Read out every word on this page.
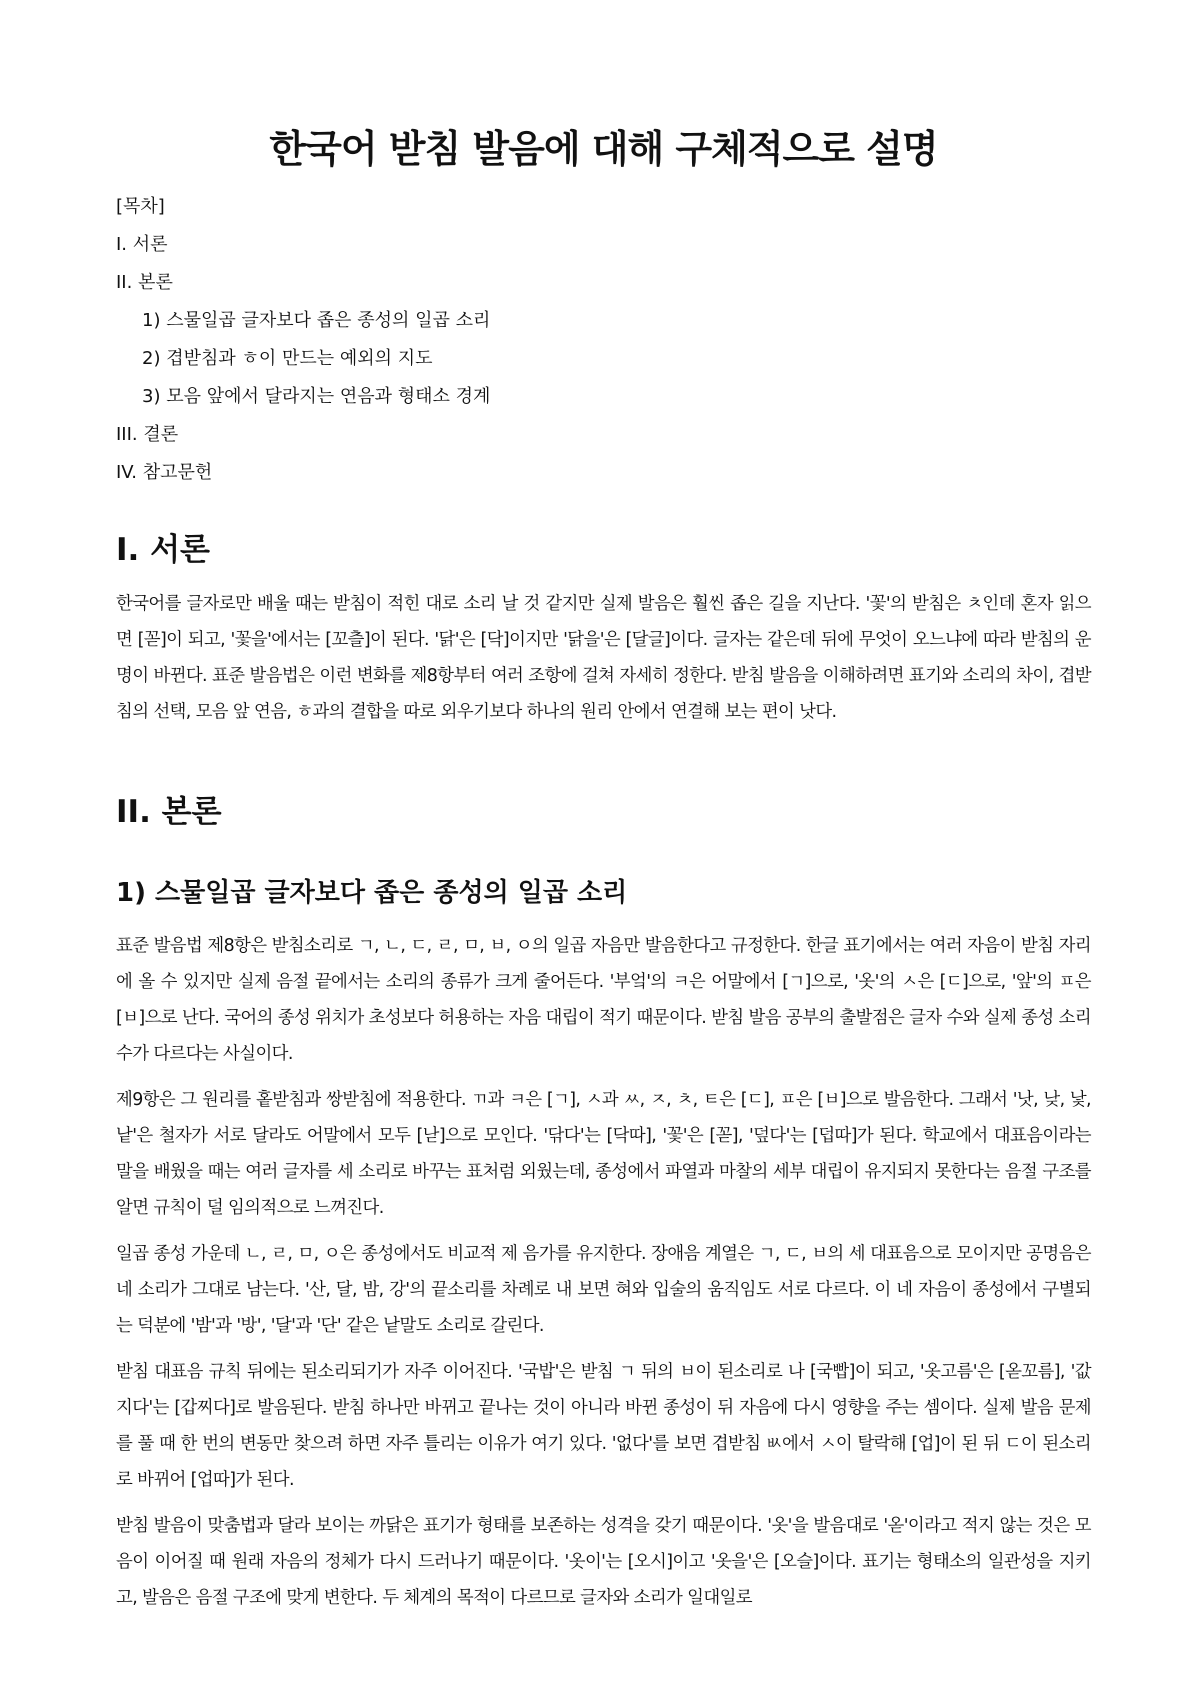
한국어 받침 발음에 대해 구체적으로 설명
[목차]
I. 서론
II. 본론
1) 스물일곱 글자보다 좁은 종성의 일곱 소리
2) 겹받침과 ㅎ이 만드는 예외의 지도
3) 모음 앞에서 달라지는 연음과 형태소 경계
III. 결론
IV. 참고문헌
I. 서론

한국어를 글자로만 배울 때는 받침이 적힌 대로 소리 날 것 같지만 실제 발음은 훨씬 좁은 길을 지난다. '꽃'의 받침은 ㅊ인데 혼자 읽으면 [꼳]이 되고, '꽃을'에서는 [꼬츨]이 된다. '닭'은 [닥]이지만 '닭을'은 [달글]이다. 글자는 같은데 뒤에 무엇이 오느냐에 따라 받침의 운명이 바뀐다. 표준 발음법은 이런 변화를 제8항부터 여러 조항에 걸쳐 자세히 정한다. 받침 발음을 이해하려면 표기와 소리의 차이, 겹받침의 선택, 모음 앞 연음, ㅎ과의 결합을 따로 외우기보다 하나의 원리 안에서 연결해 보는 편이 낫다.

II. 본론
1) 스물일곱 글자보다 좁은 종성의 일곱 소리

표준 발음법 제8항은 받침소리로 ㄱ, ㄴ, ㄷ, ㄹ, ㅁ, ㅂ, ㅇ의 일곱 자음만 발음한다고 규정한다. 한글 표기에서는 여러 자음이 받침 자리에 올 수 있지만 실제 음절 끝에서는 소리의 종류가 크게 줄어든다. '부엌'의 ㅋ은 어말에서 [ㄱ]으로, '옷'의 ㅅ은 [ㄷ]으로, '앞'의 ㅍ은 [ㅂ]으로 난다. 국어의 종성 위치가 초성보다 허용하는 자음 대립이 적기 때문이다. 받침 발음 공부의 출발점은 글자 수와 실제 종성 소리 수가 다르다는 사실이다.

제9항은 그 원리를 홑받침과 쌍받침에 적용한다. ㄲ과 ㅋ은 [ㄱ], ㅅ과 ㅆ, ㅈ, ㅊ, ㅌ은 [ㄷ], ㅍ은 [ㅂ]으로 발음한다. 그래서 '낫, 낮, 낯, 낱'은 철자가 서로 달라도 어말에서 모두 [낟]으로 모인다. '닦다'는 [닥따], '꽃'은 [꼳], '덮다'는 [덥따]가 된다. 학교에서 대표음이라는 말을 배웠을 때는 여러 글자를 세 소리로 바꾸는 표처럼 외웠는데, 종성에서 파열과 마찰의 세부 대립이 유지되지 못한다는 음절 구조를 알면 규칙이 덜 임의적으로 느껴진다.

일곱 종성 가운데 ㄴ, ㄹ, ㅁ, ㅇ은 종성에서도 비교적 제 음가를 유지한다. 장애음 계열은 ㄱ, ㄷ, ㅂ의 세 대표음으로 모이지만 공명음은 네 소리가 그대로 남는다. '산, 달, 밤, 강'의 끝소리를 차례로 내 보면 혀와 입술의 움직임도 서로 다르다. 이 네 자음이 종성에서 구별되는 덕분에 '밤'과 '방', '달'과 '단' 같은 낱말도 소리로 갈린다.

받침 대표음 규칙 뒤에는 된소리되기가 자주 이어진다. '국밥'은 받침 ㄱ 뒤의 ㅂ이 된소리로 나 [국빱]이 되고, '옷고름'은 [옫꼬름], '값지다'는 [갑찌다]로 발음된다. 받침 하나만 바뀌고 끝나는 것이 아니라 바뀐 종성이 뒤 자음에 다시 영향을 주는 셈이다. 실제 발음 문제를 풀 때 한 번의 변동만 찾으려 하면 자주 틀리는 이유가 여기 있다. '없다'를 보면 겹받침 ㅄ에서 ㅅ이 탈락해 [업]이 된 뒤 ㄷ이 된소리로 바뀌어 [업따]가 된다.

받침 발음이 맞춤법과 달라 보이는 까닭은 표기가 형태를 보존하는 성격을 갖기 때문이다. '옷'을 발음대로 '옫'이라고 적지 않는 것은 모음이 이어질 때 원래 자음의 정체가 다시 드러나기 때문이다. '옷이'는 [오시]이고 '옷을'은 [오슬]이다. 표기는 형태소의 일관성을 지키고, 발음은 음절 구조에 맞게 변한다. 두 체계의 목적이 다르므로 글자와 소리가 일대일로
